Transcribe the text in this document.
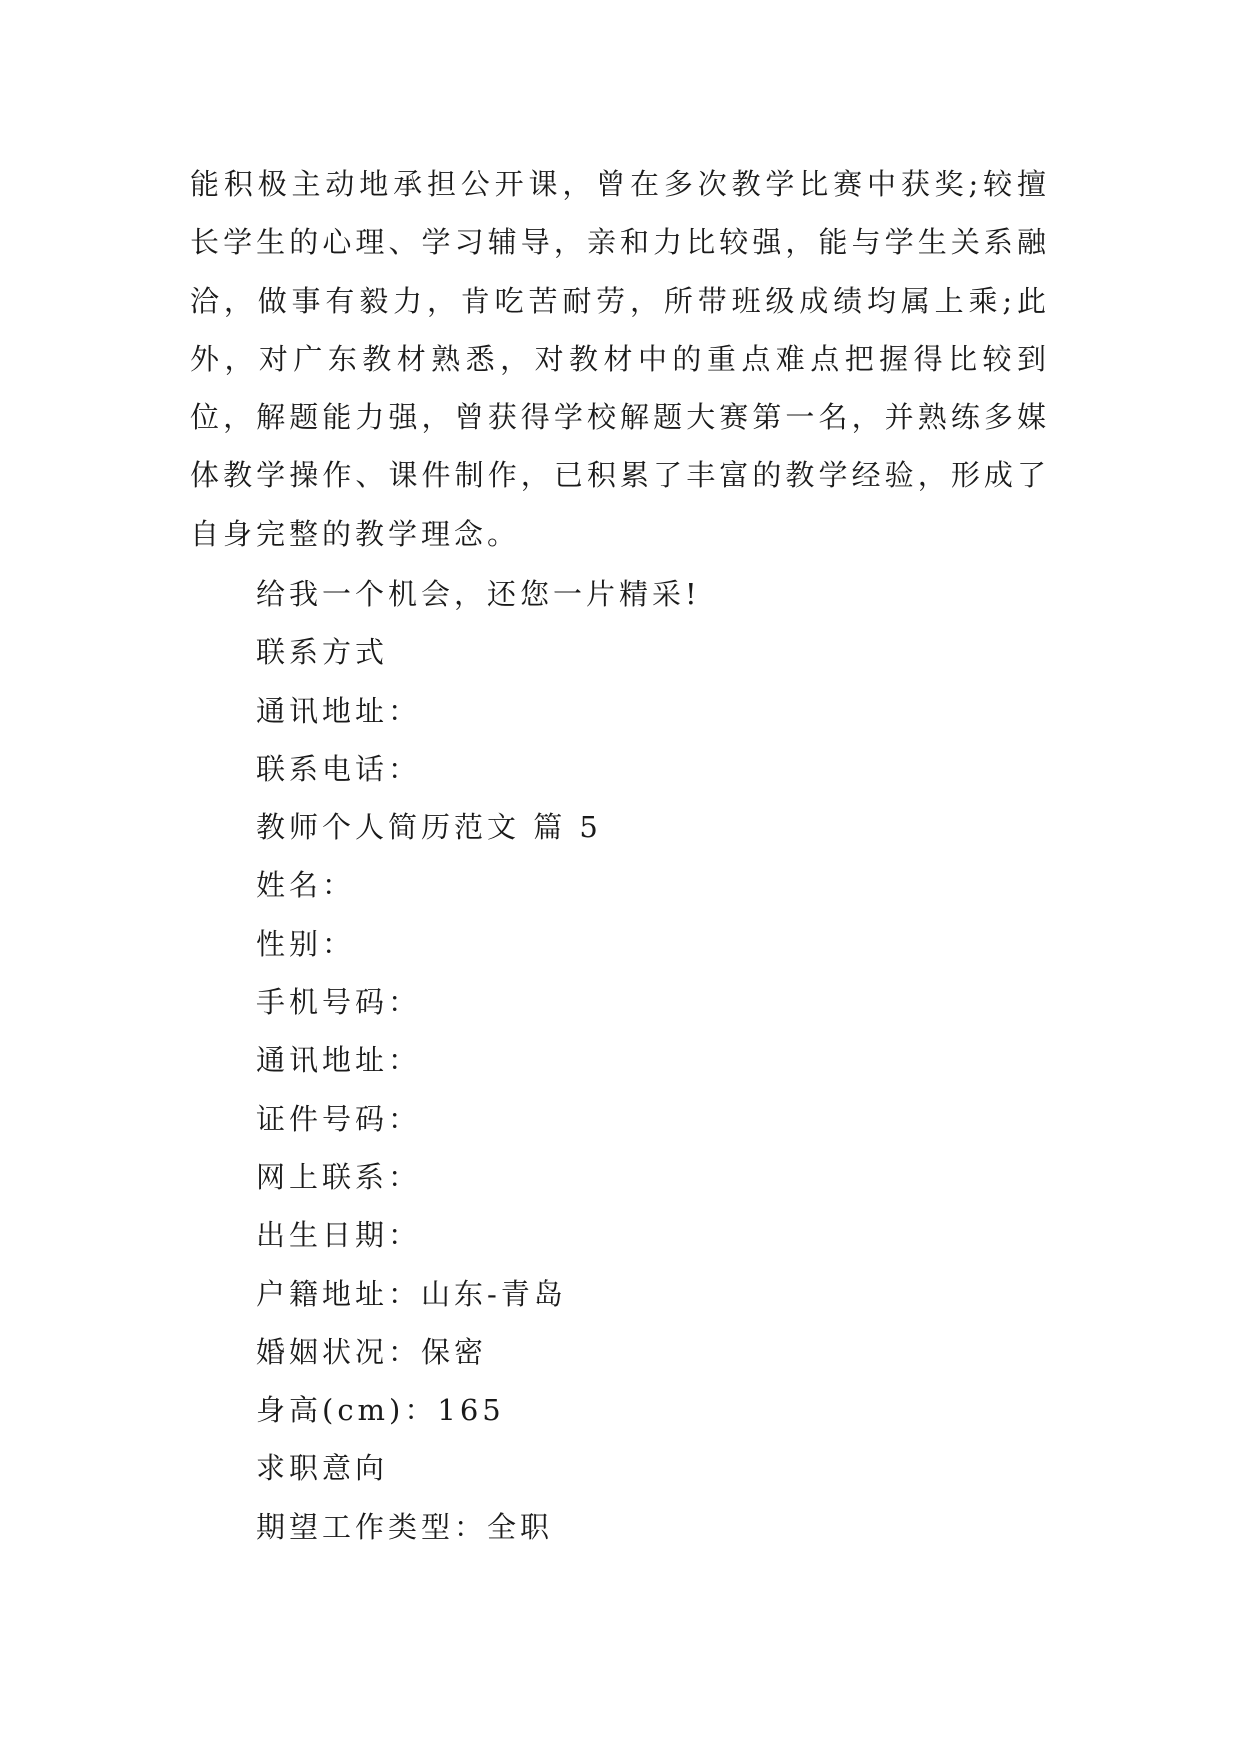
能积极主动地承担公开课，曾在多次教学比赛中获奖;较擅长学生的心理、学习辅导，亲和力比较强，能与学生关系融洽，做事有毅力，肯吃苦耐劳，所带班级成绩均属上乘;此外，对广东教材熟悉，对教材中的重点难点把握得比较到位，解题能力强，曾获得学校解题大赛第一名，并熟练多媒体教学操作、课件制作，已积累了丰富的教学经验，形成了自身完整的教学理念。

给我一个机会，还您一片精采!
联系方式
通讯地址：
联系电话：
教师个人简历范文 篇 5
姓名：
性别：
手机号码：
通讯地址：
证件号码：
网上联系：
出生日期：
户籍地址：山东-青岛
婚姻状况：保密
身高(cm)：165
求职意向
期望工作类型：全职
